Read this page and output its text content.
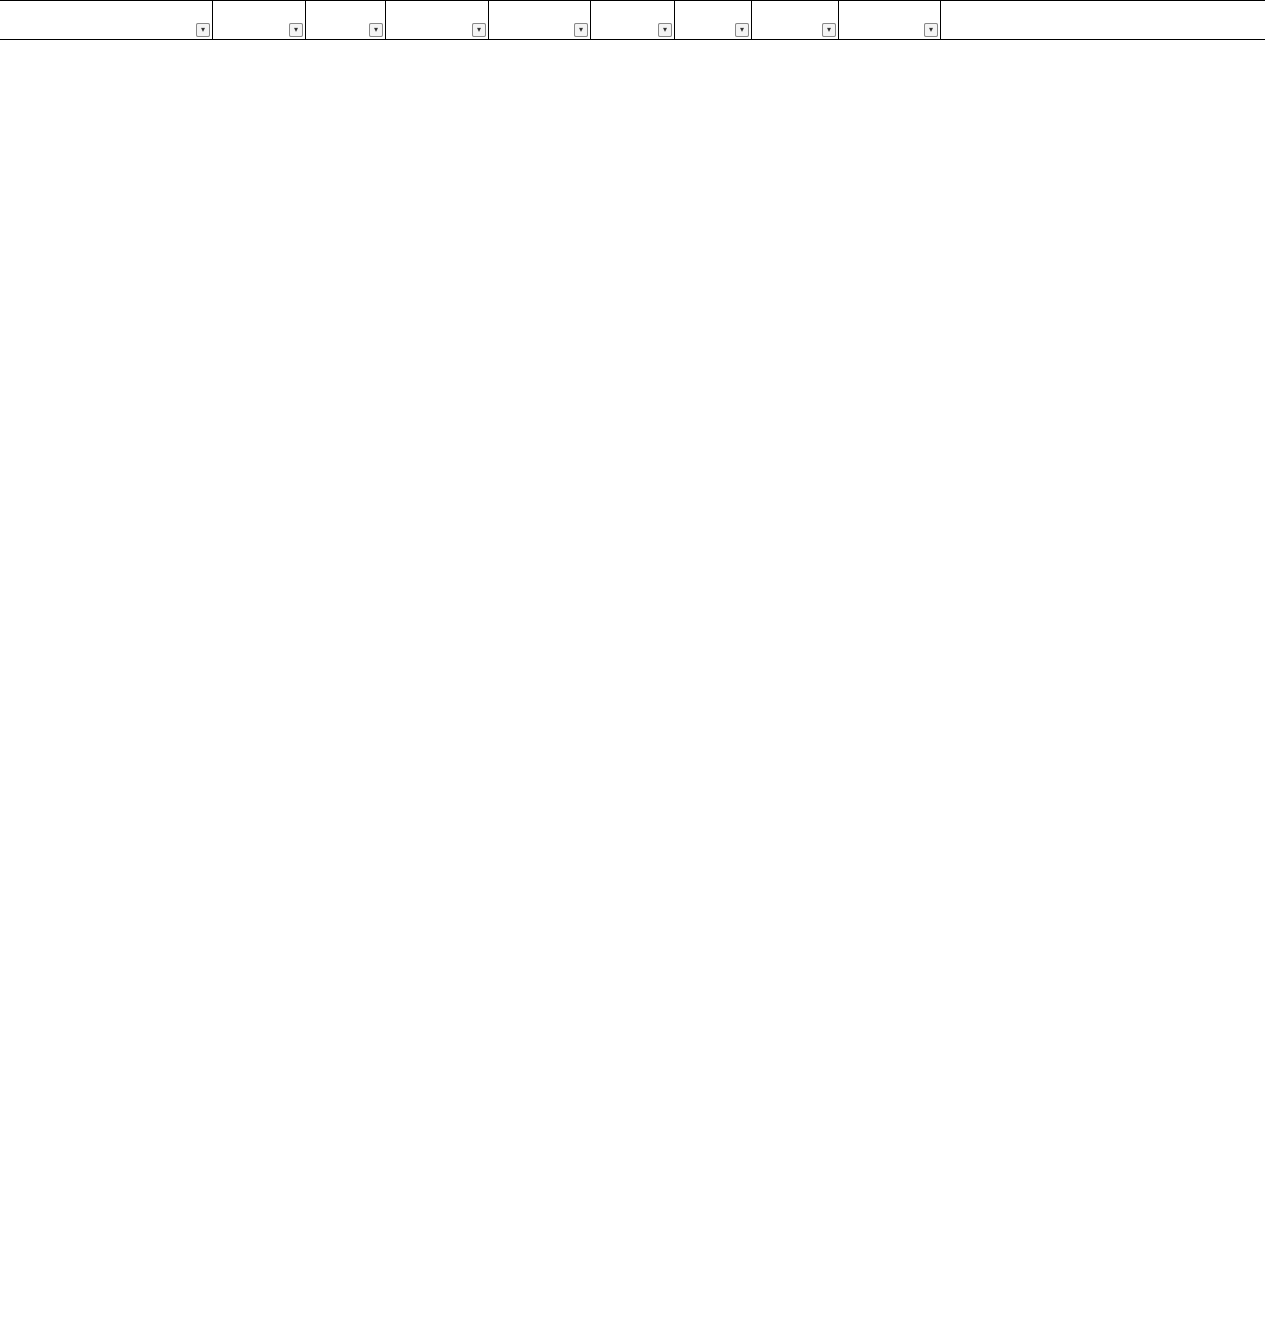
▾	▾	▾	▾	▾	▾	▾	▾	▾
